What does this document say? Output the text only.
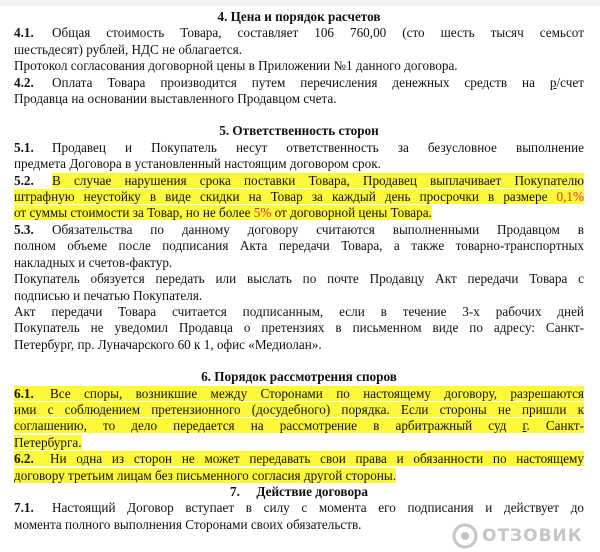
4. Цена и порядок расчетов

4.1. Общая стоимость Товара, составляет 106 760,00 (сто шесть тысяч семьсот

шестьдесят) рублей, НДС не облагается.

Протокол согласования договорной цены в Приложении №1 данного договора.

4.2. Оплата Товара производится путем перечисления денежных средств на р/счет

Продавца на основании выставленного Продавцом счета.

5. Ответственность сторон

5.1. Продавец и Покупатель несут ответственность за безусловное выполнение

предмета Договора в установленный настоящим договором срок.

5.2. В случае нарушения срока поставки Товара, Продавец выплачивает Покупателю

штрафную неустойку в виде скидки на Товар за каждый день просрочки в размере 0,1%

от суммы стоимости за Товар, но не более 5% от договорной цены Товара.

5.3. Обязательства по данному договору считаются выполненными Продавцом в

полном объеме после подписания Акта передачи Товара, а также товарно-транспортных

накладных и счетов-фактур.

Покупатель обязуется передать или выслать по почте Продавцу Акт передачи Товара с

подписью и печатью Покупателя.

Акт передачи Товара считается подписанным, если в течение 3-х рабочих дней

Покупатель не уведомил Продавца о претензиях в письменном виде по адресу: Санкт-

Петербург, пр. Луначарского 60 к 1, офис «Медиолан».

6. Порядок рассмотрения споров

6.1. Все споры, возникшие между Сторонами по настоящему договору, разрешаются

ими с соблюдением претензионного (досудебного) порядка. Если стороны не пришли к

соглашению, то дело передается на рассмотрение в арбитражный суд г. Санкт-

Петербурга.

6.2. Ни одна из сторон не может передавать свои права и обязанности по настоящему

договору третьим лицам без письменного согласия другой стороны.

7.     Действие договора

7.1. Настоящий Договор вступает в силу с момента его подписания и действует до

момента полного выполнения Сторонами своих обязательств.

ОТЗОВИК
